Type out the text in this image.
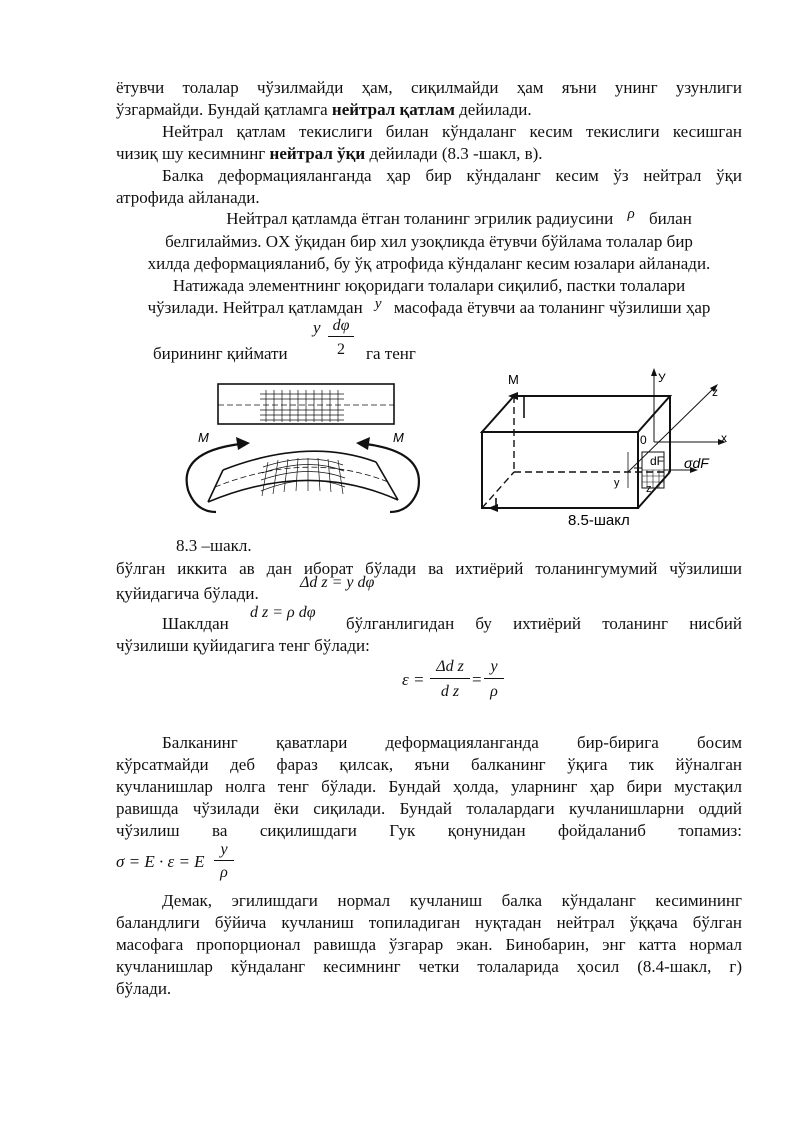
ётувчи толалар чўзилмайди ҳам, сиқилмайди ҳам яъни унинг узунлиги

ўзгармайди. Бундай қатламга нейтрал қатлам дейилади.

Нейтрал қатлам текислиги билан кўндаланг кесим текислиги кесишган

чизиқ шу кесимнинг нейтрал ўқи дейилади (8.3 -шакл, в).

Балка деформацияланганда ҳар бир кўндаланг кесим ўз нейтрал ўқи

атрофида айланади.

Нейтрал қатламда ётган толанинг эгрилик радиусини ρ билан

белгилаймиз. OX ўқидан бир хил узоқликда ётувчи бўйлама толалар бир

хилда деформацияланиб, бу ўқ атрофида кўндаланг кесим юзалари айланади.

Натижада элементнинг юқоридаги толалари сиқилиб, пастки толалари

чўзилади. Нейтрал қатламдан y масофада ётувчи аа толанинг чўзилиши ҳар
бирининг қиймати
y dφ
2	га тенг
M	M
8.3 –шакл.
M	У
x
z
0
dF
y z
σdF
8.5-шакл

бўлган иккита ав дан иборат бўлади ва ихтиёрий толанингумумий чўзилиши

қуйидагича бўлади.
Δd z = y dφ
Шаклдан
d z = ρ dφ
бўлганлигидан бу ихтиёрий толанинг нисбий
чўзилиши қуйидагига тенг бўлади:
ε =
Δd z
d z
=
y
ρ

Балканинг қаватлари деформацияланганда бир-бирига босим

кўрсатмайди деб фараз қилсак, яъни балканинг ўқига тик йўналган

кучланишлар нолга тенг бўлади. Бундай ҳолда, уларнинг ҳар бири мустақил

равишда чўзилади ёки сиқилади. Бундай толалардаги кучланишларни оддий

чўзилиш ва сиқилишдаги Гук қонунидан фойдаланиб топамиз:

σ = E · ε = E
y
ρ

Демак, эгилишдаги нормал кучланиш балка кўндаланг кесимининг

баландлиги бўйича кучланиш топиладиган нуқтадан нейтрал ўққача бўлган

масофага пропорционал равишда ўзгарар экан. Бинобарин, энг катта нормал

кучланишлар кўндаланг кесимнинг четки толаларида ҳосил (8.4-шакл, г)

бўлади.
